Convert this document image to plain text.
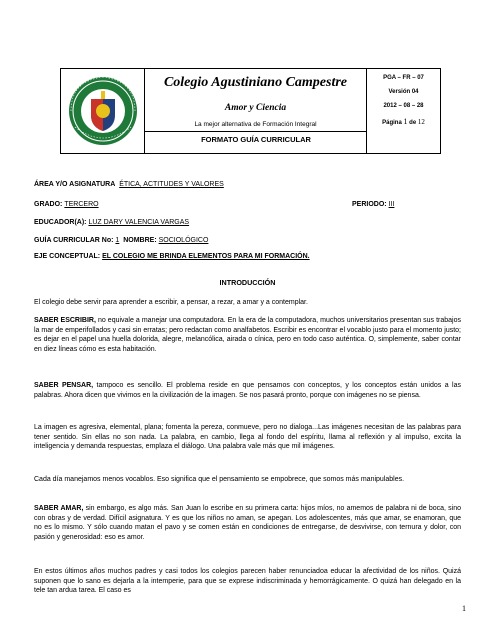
Colegio Agustiniano Campestre
Amor y Ciencia
La mejor alternativa de Formación Integral
FORMATO GUÍA CURRICULAR
PGA – FR – 07
Versión 04
2012 – 08 – 28
Página 1 de 12
ÁREA Y/O ASIGNATURA ÉTICA, ACTITUDES Y VALORES
GRADO: TERCERO	PERIODO: III
EDUCADOR(A): LUZ DARY VALENCIA VARGAS
GUÍA CURRICULAR No: 1 NOMBRE: SOCIOLÓGICO
EJE CONCEPTUAL: EL COLEGIO ME BRINDA ELEMENTOS PARA MI FORMACIÓN.
INTRODUCCIÓN
El colegio debe servir para aprender a escribir, a pensar, a rezar, a amar y a contemplar.
SABER ESCRIBIR, no equivale a manejar una computadora. En la era de la computadora, muchos universitarios presentan sus trabajos la mar de emperifollados y casi sin erratas; pero redactan como analfabetos. Escribir es encontrar el vocablo justo para el momento justo; es dejar en el papel una huella dolorida, alegre, melancólica, airada o cínica, pero en todo caso auténtica. O, simplemente, saber contar en diez líneas cómo es esta habitación.
SABER PENSAR, tampoco es sencillo. El problema reside en que pensamos con conceptos, y los conceptos están unidos a las palabras. Ahora dicen que vivimos en la civilización de la imagen. Se nos pasará pronto, porque con imágenes no se piensa.
La imagen es agresiva, elemental, plana; fomenta la pereza, conmueve, pero no dialoga...Las imágenes necesitan de las palabras para tener sentido. Sin ellas no son nada. La palabra, en cambio, llega al fondo del espíritu, llama al reflexión y al impulso, excita la inteligencia y demanda respuestas, emplaza el diálogo. Una palabra vale más que mil imágenes.
Cada día manejamos menos vocablos. Eso significa que el pensamiento se empobrece, que somos más manipulables.
SABER AMAR, sin embargo, es algo más. San Juan lo escribe en su primera carta: hijos míos, no amemos de palabra ni de boca, sino con obras y de verdad. Difícil asignatura. Y es que los niños no aman, se apegan. Los adolescentes, más que amar, se enamoran, que no es lo mismo. Y sólo cuando matan el pavo y se comen están en condiciones de entregarse, de desvivirse, con ternura y dolor, con pasión y generosidad: eso es amor.
En estos últimos años muchos padres y casi todos los colegios parecen haber renunciadoa educar la afectividad de los niños. Quizá suponen que lo sano es dejarla a la intemperie, para que se exprese indiscriminada y hemorrágicamente. O quizá han delegado en la tele tan ardua tarea. El caso es
1
